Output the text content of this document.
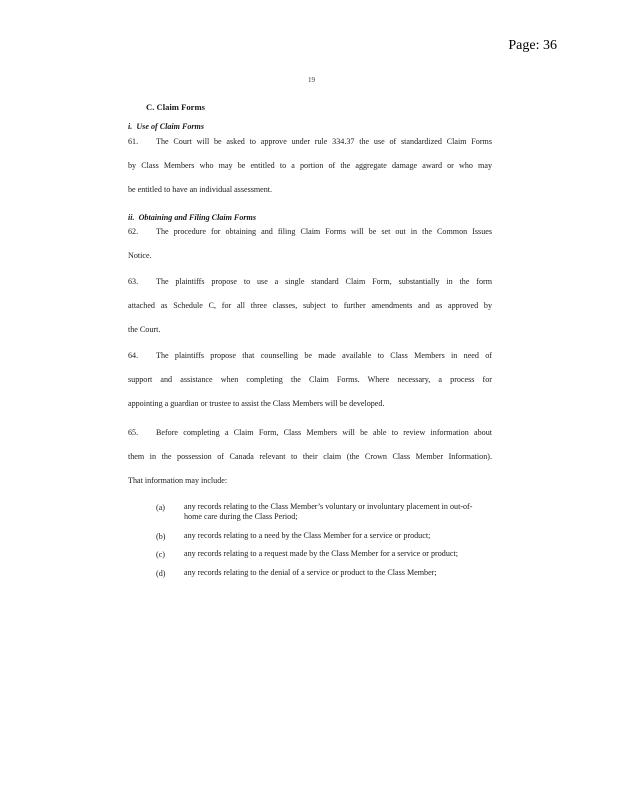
Page: 36
19
C. Claim Forms
i. Use of Claim Forms
61. The Court will be asked to approve under rule 334.37 the use of standardized Claim Forms
by Class Members who may be entitled to a portion of the aggregate damage award or who may
be entitled to have an individual assessment.
ii. Obtaining and Filing Claim Forms
62. The procedure for obtaining and filing Claim Forms will be set out in the Common Issues
Notice.
63. The plaintiffs propose to use a single standard Claim Form, substantially in the form
attached as Schedule C, for all three classes, subject to further amendments and as approved by
the Court.
64. The plaintiffs propose that counselling be made available to Class Members in need of
support and assistance when completing the Claim Forms. Where necessary, a process for
appointing a guardian or trustee to assist the Class Members will be developed.
65. Before completing a Claim Form, Class Members will be able to review information about
them in the possession of Canada relevant to their claim (the Crown Class Member Information).
That information may include:
(a) any records relating to the Class Member’s voluntary or involuntary placement in out-of-home care during the Class Period;
(b) any records relating to a need by the Class Member for a service or product;
(c) any records relating to a request made by the Class Member for a service or product;
(d) any records relating to the denial of a service or product to the Class Member;
